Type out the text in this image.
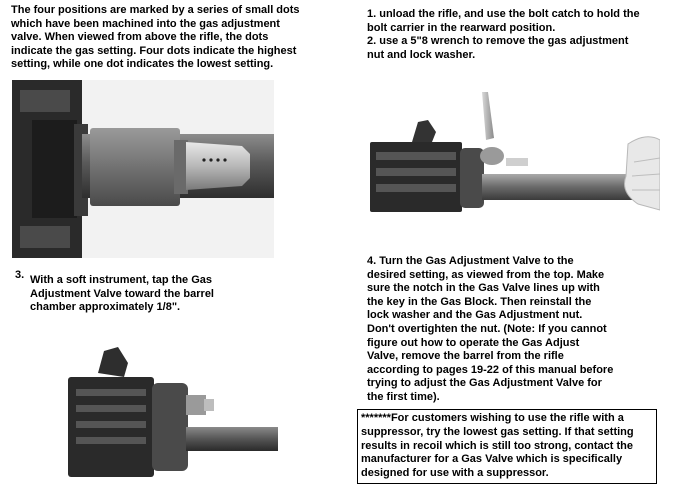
The four positions are marked by a series of small dots
which have been machined into the gas adjustment
valve. When viewed from above the rifle, the dots
indicate the gas setting. Four dots indicate the highest
setting, while one dot indicates the lowest setting.
1. unload the rifle, and use the bolt catch to hold the
bolt carrier in the rearward position.
2. use a 5"8 wrench to remove the gas adjustment
nut and lock washer.
3. With a soft instrument, tap the Gas
Adjustment Valve toward the barrel
chamber approximately 1/8".
4. Turn the Gas Adjustment Valve to the
desired setting, as viewed from the top. Make
sure the notch in the Gas Valve lines up with
the key in the Gas Block. Then reinstall the
lock washer and the Gas Adjustment nut.
Don't overtighten the nut. (Note: If you cannot
figure out how to operate the Gas Adjust
Valve, remove the barrel from the rifle
according to pages 19-22 of this manual before
trying to adjust the Gas Adjustment Valve for
the first time).
*******For customers wishing to use the rifle with a
suppressor, try the lowest gas setting. If that setting
results in recoil which is still too strong, contact the
manufacturer for a Gas Valve which is specifically
designed for use with a suppressor.
